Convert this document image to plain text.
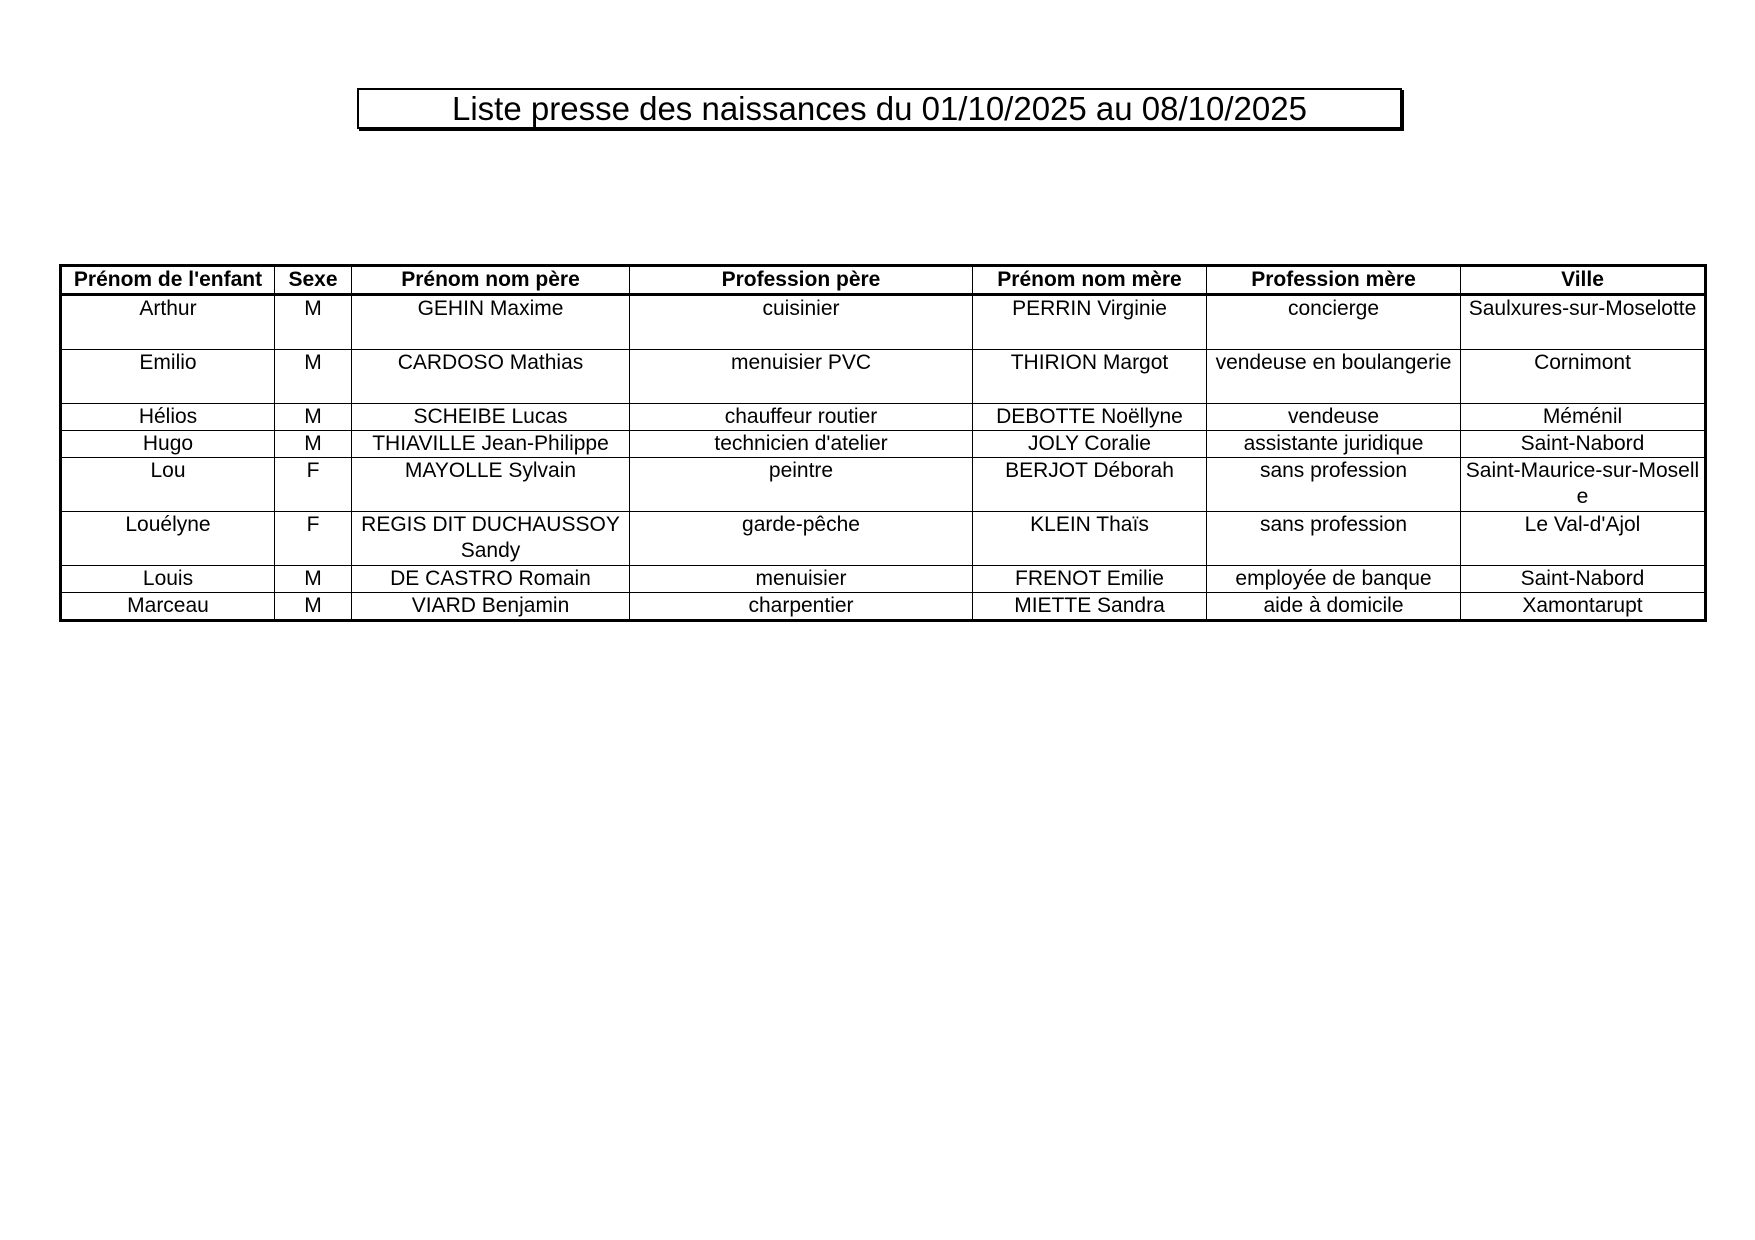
Liste presse des naissances du 01/10/2025 au 08/10/2025
Prénom de l'enfant	Sexe	Prénom nom père	Profession père	Prénom nom mère	Profession mère	Ville
Arthur	M	GEHIN Maxime	cuisinier	PERRIN Virginie	concierge	Saulxures-sur-Moselotte
Emilio	M	CARDOSO Mathias	menuisier PVC	THIRION Margot	vendeuse en boulangerie	Cornimont
Hélios	M	SCHEIBE Lucas	chauffeur routier	DEBOTTE Noëllyne	vendeuse	Méménil
Hugo	M	THIAVILLE Jean-Philippe	technicien d'atelier	JOLY Coralie	assistante juridique	Saint-Nabord
Lou	F	MAYOLLE Sylvain	peintre	BERJOT Déborah	sans profession	Saint-Maurice-sur-Moselle
Louélyne	F	REGIS DIT DUCHAUSSOY Sandy	garde-pêche	KLEIN Thaïs	sans profession	Le Val-d'Ajol
Louis	M	DE CASTRO Romain	menuisier	FRENOT Emilie	employée de banque	Saint-Nabord
Marceau	M	VIARD Benjamin	charpentier	MIETTE Sandra	aide à domicile	Xamontarupt
